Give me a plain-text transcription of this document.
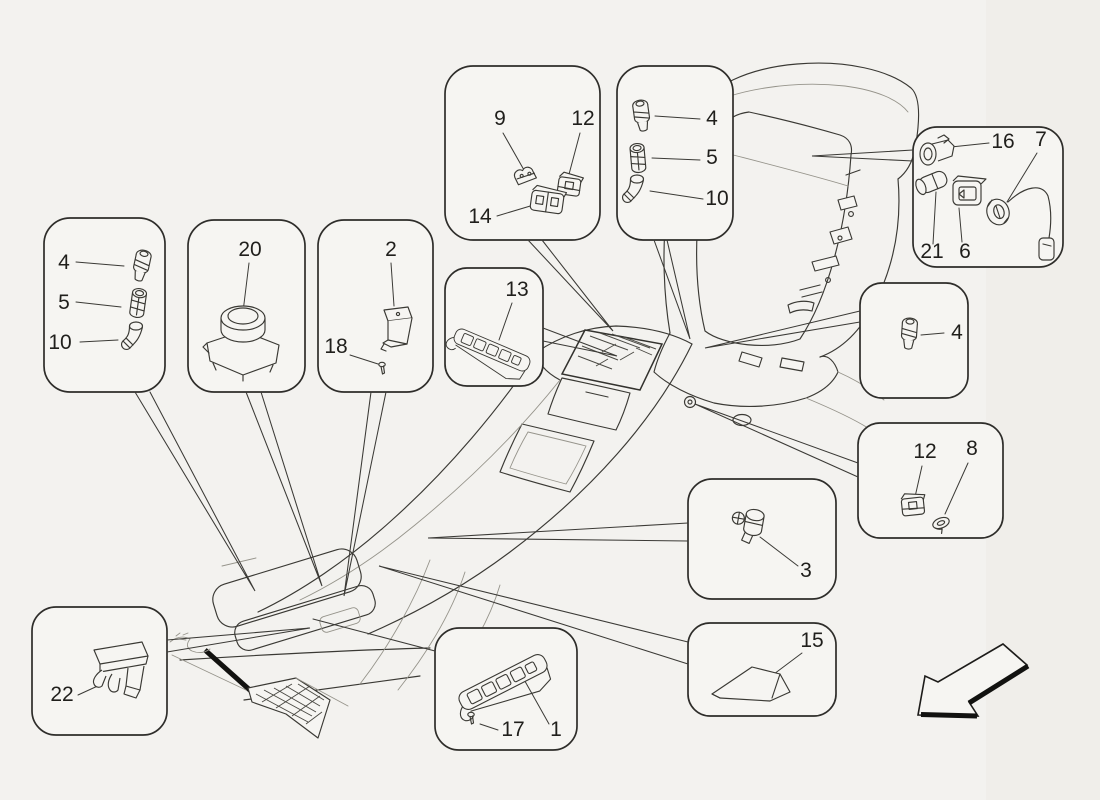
4
5
10
20	2
18
9	12
14
4
5
10
13
16 7
21 6
4
12 8
3
15
22
17 1
